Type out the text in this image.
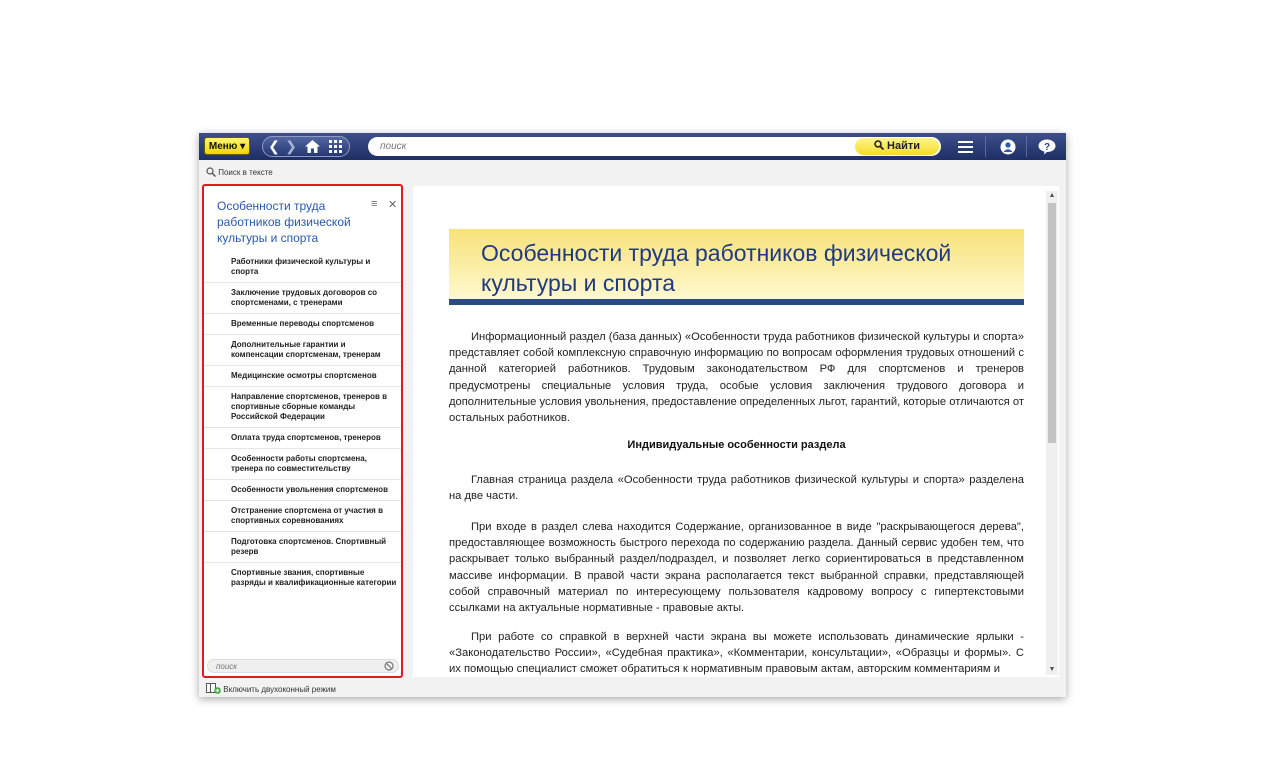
Меню ▾	❮ ❯
поиск	Найти	?
Поиск в тексте
Особенности труда работников физической культуры и спорта
≡ ✕
Работники физической культуры и спорта
Заключение трудовых договоров со спортсменами, с тренерами
Временные переводы спортсменов
Дополнительные гарантии и компенсации спортсменам, тренерам
Медицинские осмотры спортсменов
Направление спортсменов, тренеров в спортивные сборные команды Российской Федерации
Оплата труда спортсменов, тренеров
Особенности работы спортсмена, тренера по совместительству
Особенности увольнения спортсменов
Отстранение спортсмена от участия в спортивных соревнованиях
Подготовка спортсменов. Спортивный резерв
Спортивные звания, спортивные разряды и квалификационные категории
поиск
Особенности труда работников физической культуры и спорта

Информационный раздел (база данных) «Особенности труда работников физической культуры и спорта» представляет собой комплексную справочную информацию по вопросам оформления трудовых отношений с данной категорией работников. Трудовым законодательством РФ для спортсменов и тренеров предусмотрены специальные условия труда, особые условия заключения трудового договора и дополнительные условия увольнения, предоставление определенных льгот, гарантий, которые отличаются от остальных работников.

Индивидуальные особенности раздела

Главная страница раздела «Особенности труда работников физической культуры и спорта» разделена на две части.

При входе в раздел слева находится Содержание, организованное в виде "раскрывающегося дерева", предоставляющее возможность быстрого перехода по содержанию раздела. Данный сервис удобен тем, что раскрывает только выбранный раздел/подраздел, и позволяет легко сориентироваться в представленном массиве информации. В правой части экрана располагается текст выбранной справки, представляющей собой справочный материал по интересующему пользователя кадровому вопросу с гипертекстовыми ссылками на актуальные нормативные - правовые акты.

При работе со справкой в верхней части экрана вы можете использовать динамические ярлыки - «Законодательство России», «Судебная практика», «Комментарии, консультации», «Образцы и формы». С их помощью специалист сможет обратиться к нормативным правовым актам, авторским комментариям и

▲
▼
Включить двухоконный режим
